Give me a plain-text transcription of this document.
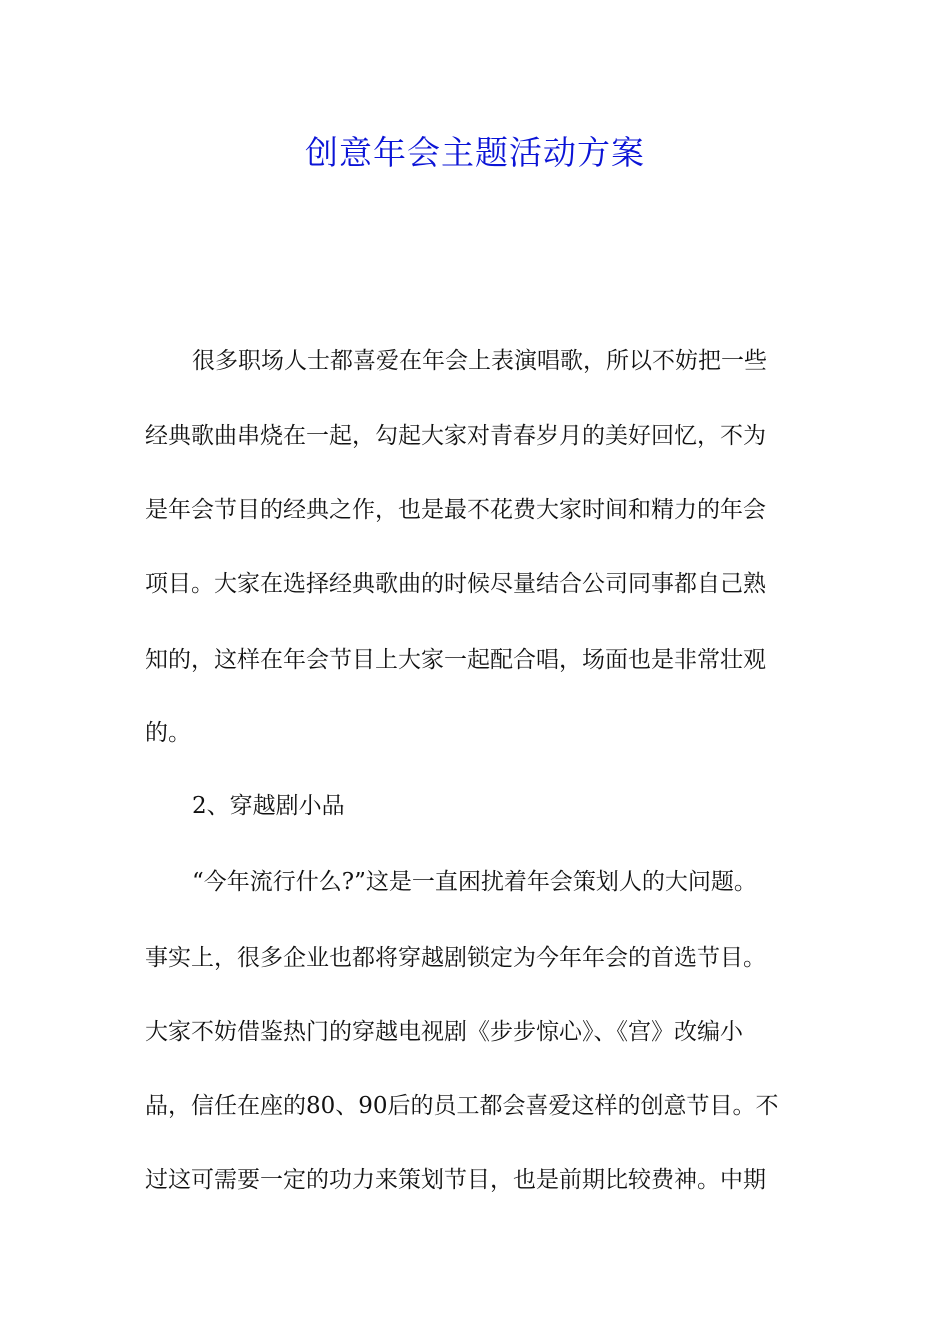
创意年会主题活动方案
很多职场人士都喜爱在年会上表演唱歌，所以不妨把一些
经典歌曲串烧在一起，勾起大家对青春岁月的美好回忆，不为
是年会节目的经典之作，也是最不花费大家时间和精力的年会
项目。大家在选择经典歌曲的时候尽量结合公司同事都自己熟
知的，这样在年会节目上大家一起配合唱，场面也是非常壮观
的。
2、穿越剧小品
“今年流行什么?”这是一直困扰着年会策划人的大问题。
事实上，很多企业也都将穿越剧锁定为今年年会的首选节目。
大家不妨借鉴热门的穿越电视剧《步步惊心》、《宫》改编小
品，信任在座的80、90后的员工都会喜爱这样的创意节目。不
过这可需要一定的功力来策划节目，也是前期比较费神。中期
